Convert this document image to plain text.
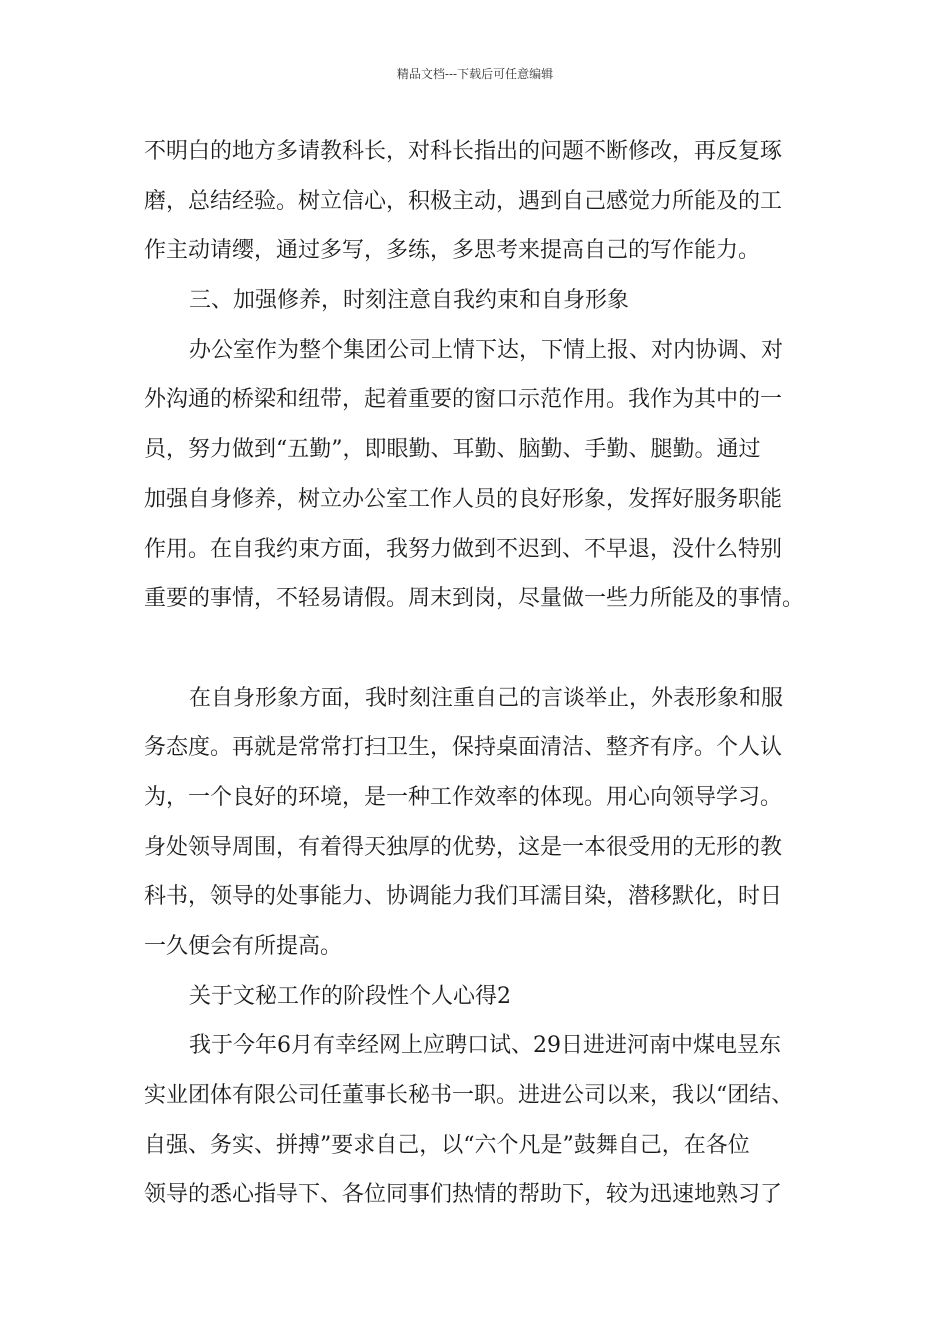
精品文档---下载后可任意编辑
不明白的地方多请教科长，对科长指出的问题不断修改，再反复琢
磨，总结经验。树立信心，积极主动，遇到自己感觉力所能及的工
作主动请缨，通过多写，多练，多思考来提高自己的写作能力。
三、加强修养，时刻注意自我约束和自身形象
办公室作为整个集团公司上情下达，下情上报、对内协调、对
外沟通的桥梁和纽带，起着重要的窗口示范作用。我作为其中的一
员，努力做到“五勤”，即眼勤、耳勤、脑勤、手勤、腿勤。通过
加强自身修养，树立办公室工作人员的良好形象，发挥好服务职能
作用。在自我约束方面，我努力做到不迟到、不早退，没什么特别
重要的事情，不轻易请假。周末到岗，尽量做一些力所能及的事情。
在自身形象方面，我时刻注重自己的言谈举止，外表形象和服
务态度。再就是常常打扫卫生，保持桌面清洁、整齐有序。个人认
为，一个良好的环境，是一种工作效率的体现。用心向领导学习。
身处领导周围，有着得天独厚的优势，这是一本很受用的无形的教
科书，领导的处事能力、协调能力我们耳濡目染，潜移默化，时日
一久便会有所提高。
关于文秘工作的阶段性个人心得2
我于今年6月有幸经网上应聘口试、29日进进河南中煤电昱东
实业团体有限公司任董事长秘书一职。进进公司以来，我以“团结、
自强、务实、拼搏”要求自己，以“六个凡是”鼓舞自己，在各位
领导的悉心指导下、各位同事们热情的帮助下，较为迅速地熟习了
